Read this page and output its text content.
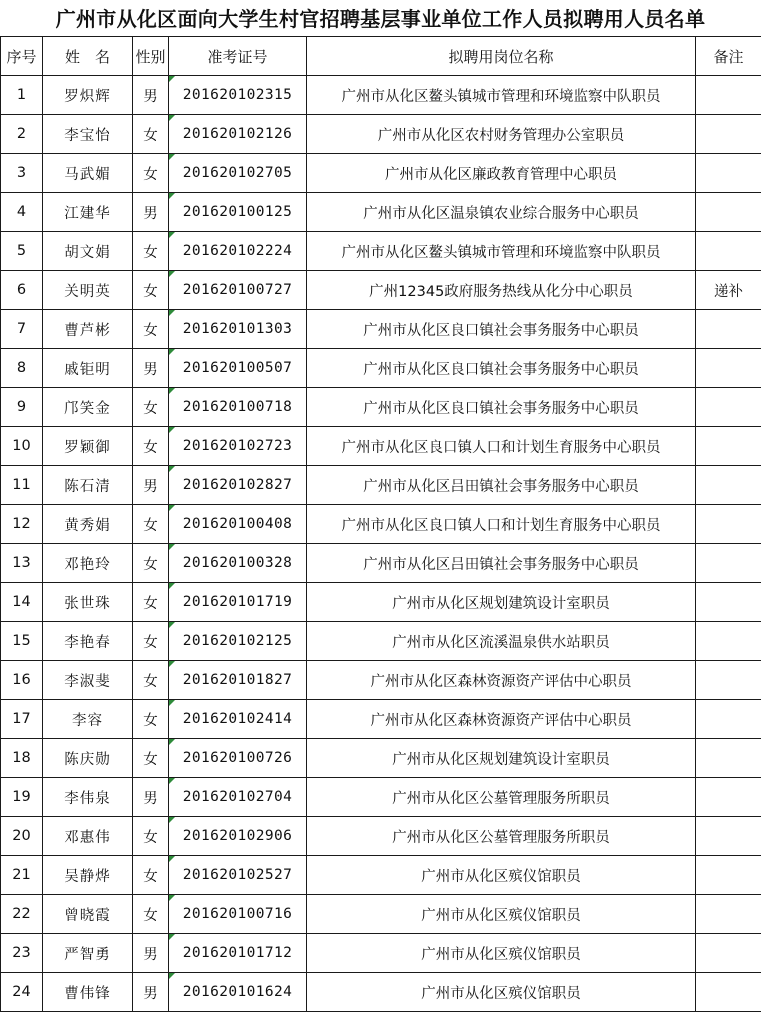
广州市从化区面向大学生村官招聘基层事业单位工作人员拟聘用人员名单
序号	姓　名	性别	准考证号	拟聘用岗位名称	备注
1	罗炽辉	男	201620102315	广州市从化区鳌头镇城市管理和环境监察中队职员	
2	李宝怡	女	201620102126	广州市从化区农村财务管理办公室职员	
3	马武媚	女	201620102705	广州市从化区廉政教育管理中心职员	
4	江建华	男	201620100125	广州市从化区温泉镇农业综合服务中心职员	
5	胡文娟	女	201620102224	广州市从化区鳌头镇城市管理和环境监察中队职员	
6	关明英	女	201620100727	广州12345政府服务热线从化分中心职员	递补
7	曹芦彬	女	201620101303	广州市从化区良口镇社会事务服务中心职员	
8	戚钜明	男	201620100507	广州市从化区良口镇社会事务服务中心职员	
9	邝笑金	女	201620100718	广州市从化区良口镇社会事务服务中心职员	
10	罗颖御	女	201620102723	广州市从化区良口镇人口和计划生育服务中心职员	
11	陈石清	男	201620102827	广州市从化区吕田镇社会事务服务中心职员	
12	黄秀娟	女	201620100408	广州市从化区良口镇人口和计划生育服务中心职员	
13	邓艳玲	女	201620100328	广州市从化区吕田镇社会事务服务中心职员	
14	张世珠	女	201620101719	广州市从化区规划建筑设计室职员	
15	李艳春	女	201620102125	广州市从化区流溪温泉供水站职员	
16	李淑斐	女	201620101827	广州市从化区森林资源资产评估中心职员	
17	李容	女	201620102414	广州市从化区森林资源资产评估中心职员	
18	陈庆勋	女	201620100726	广州市从化区规划建筑设计室职员	
19	李伟泉	男	201620102704	广州市从化区公墓管理服务所职员	
20	邓惠伟	女	201620102906	广州市从化区公墓管理服务所职员	
21	吴静烨	女	201620102527	广州市从化区殡仪馆职员	
22	曾晓霞	女	201620100716	广州市从化区殡仪馆职员	
23	严智勇	男	201620101712	广州市从化区殡仪馆职员	
24	曹伟锋	男	201620101624	广州市从化区殡仪馆职员	
